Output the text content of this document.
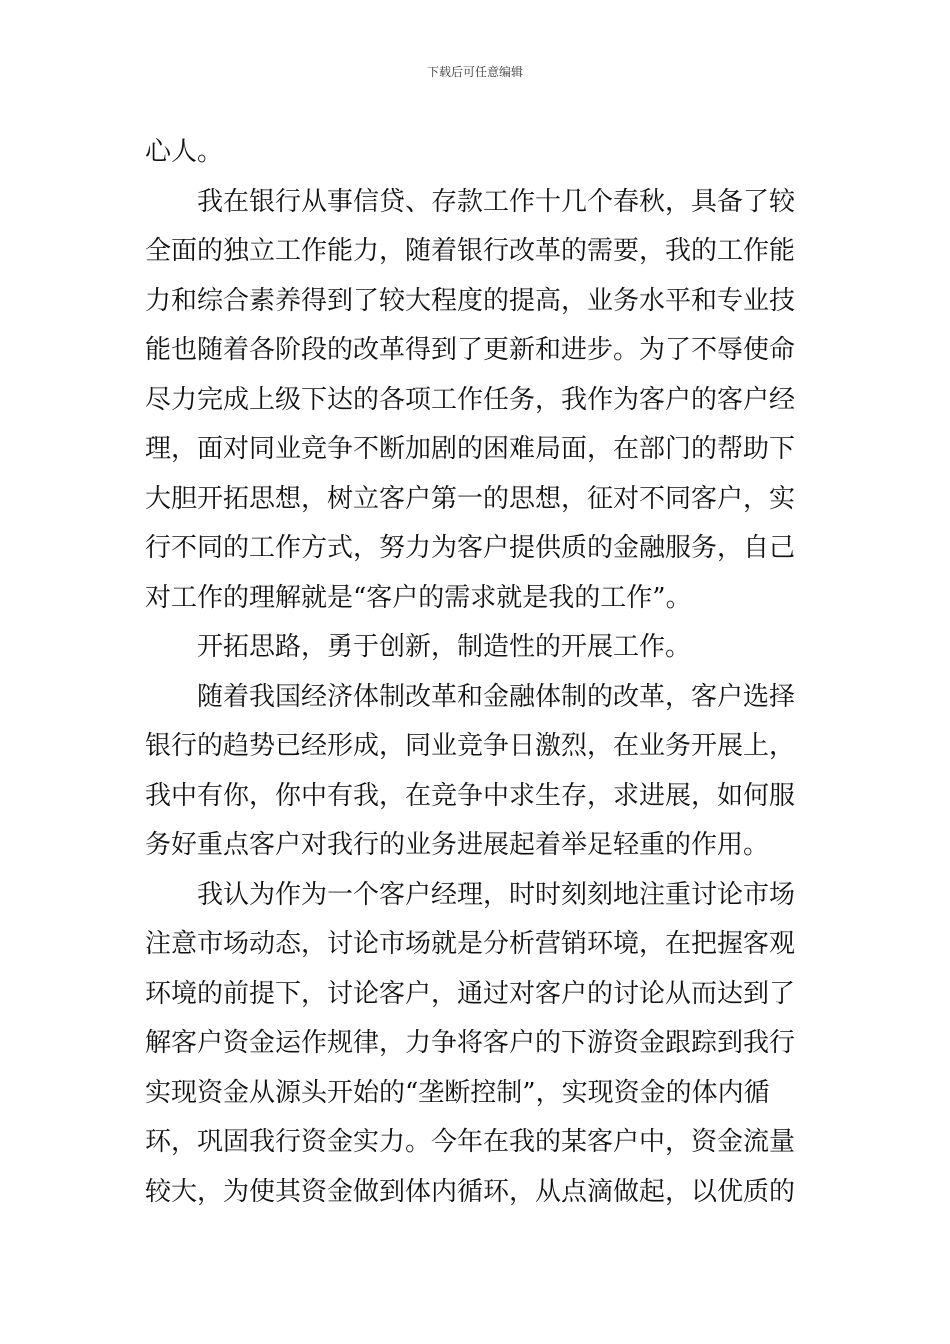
下载后可任意编辑
心人。
我在银行从事信贷、存款工作十几个春秋，具备了较
全面的独立工作能力，随着银行改革的需要，我的工作能
力和综合素养得到了较大程度的提高，业务水平和专业技
能也随着各阶段的改革得到了更新和进步。为了不辱使命
尽力完成上级下达的各项工作任务，我作为客户的客户经
理，面对同业竞争不断加剧的困难局面，在部门的帮助下
大胆开拓思想，树立客户第一的思想，征对不同客户，实
行不同的工作方式，努力为客户提供质的金融服务，自己
对工作的理解就是“客户的需求就是我的工作”。
开拓思路，勇于创新，制造性的开展工作。
随着我国经济体制改革和金融体制的改革，客户选择
银行的趋势已经形成，同业竞争日激烈，在业务开展上，
我中有你，你中有我，在竞争中求生存，求进展，如何服
务好重点客户对我行的业务进展起着举足轻重的作用。
我认为作为一个客户经理，时时刻刻地注重讨论市场
注意市场动态，讨论市场就是分析营销环境，在把握客观
环境的前提下，讨论客户，通过对客户的讨论从而达到了
解客户资金运作规律，力争将客户的下游资金跟踪到我行
实现资金从源头开始的“垄断控制”，实现资金的体内循
环，巩固我行资金实力。今年在我的某客户中，资金流量
较大，为使其资金做到体内循环，从点滴做起，以优质的
